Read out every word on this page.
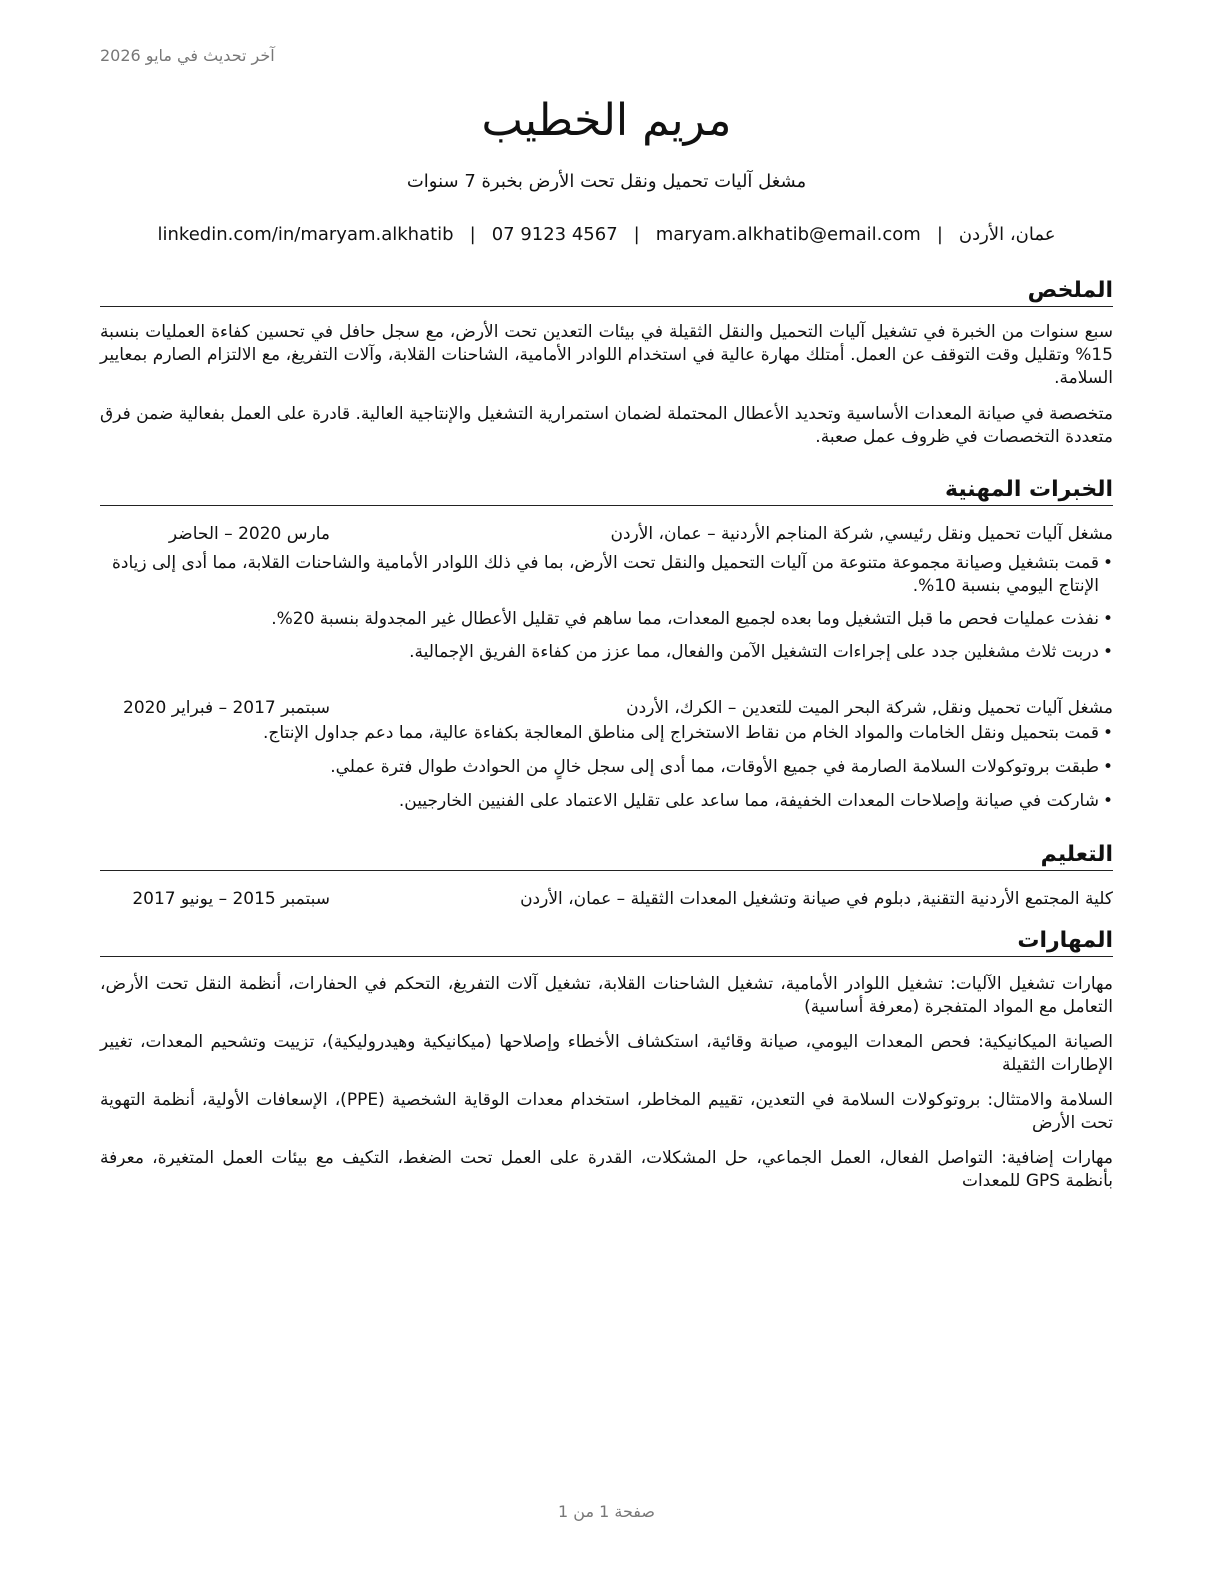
آخر تحديث في مايو 2026
مريم الخطيب
مشغل آليات تحميل ونقل تحت الأرض بخبرة 7 سنوات
عمان، الأردن|maryam.alkhatib@email.com|07 9123 4567|linkedin.com/in/maryam.alkhatib
الملخص

سبع سنوات من الخبرة في تشغيل آليات التحميل والنقل الثقيلة في بيئات التعدين تحت الأرض، مع سجل حافل في تحسين كفاءة العمليات بنسبة 15% وتقليل وقت التوقف عن العمل. أمتلك مهارة عالية في استخدام اللوادر الأمامية، الشاحنات القلابة، وآلات التفريغ، مع الالتزام الصارم بمعايير السلامة.

متخصصة في صيانة المعدات الأساسية وتحديد الأعطال المحتملة لضمان استمرارية التشغيل والإنتاجية العالية. قادرة على العمل بفعالية ضمن فرق متعددة التخصصات في ظروف عمل صعبة.

الخبرات المهنية
مشغل آليات تحميل ونقل رئيسي, شركة المناجم الأردنية – عمان، الأردن
مارس 2020 – الحاضر
• قمت بتشغيل وصيانة مجموعة متنوعة من آليات التحميل والنقل تحت الأرض، بما في ذلك اللوادر الأمامية والشاحنات القلابة، مما أدى إلى زيادة الإنتاج اليومي بنسبة 10%.
• نفذت عمليات فحص ما قبل التشغيل وما بعده لجميع المعدات، مما ساهم في تقليل الأعطال غير المجدولة بنسبة 20%.
• دربت ثلاث مشغلين جدد على إجراءات التشغيل الآمن والفعال، مما عزز من كفاءة الفريق الإجمالية.
مشغل آليات تحميل ونقل, شركة البحر الميت للتعدين – الكرك، الأردن
سبتمبر 2017 – فبراير 2020
• قمت بتحميل ونقل الخامات والمواد الخام من نقاط الاستخراج إلى مناطق المعالجة بكفاءة عالية، مما دعم جداول الإنتاج.
• طبقت بروتوكولات السلامة الصارمة في جميع الأوقات، مما أدى إلى سجل خالٍ من الحوادث طوال فترة عملي.
• شاركت في صيانة وإصلاحات المعدات الخفيفة، مما ساعد على تقليل الاعتماد على الفنيين الخارجيين.
التعليم
كلية المجتمع الأردنية التقنية, دبلوم في صيانة وتشغيل المعدات الثقيلة – عمان، الأردن
سبتمبر 2015 – يونيو 2017
المهارات

مهارات تشغيل الآليات: تشغيل اللوادر الأمامية، تشغيل الشاحنات القلابة، تشغيل آلات التفريغ، التحكم في الحفارات، أنظمة النقل تحت الأرض، التعامل مع المواد المتفجرة (معرفة أساسية)

الصيانة الميكانيكية: فحص المعدات اليومي، صيانة وقائية، استكشاف الأخطاء وإصلاحها (ميكانيكية وهيدروليكية)، تزييت وتشحيم المعدات، تغيير الإطارات الثقيلة

السلامة والامتثال: بروتوكولات السلامة في التعدين، تقييم المخاطر، استخدام معدات الوقاية الشخصية (PPE)، الإسعافات الأولية، أنظمة التهوية تحت الأرض

مهارات إضافية: التواصل الفعال، العمل الجماعي، حل المشكلات، القدرة على العمل تحت الضغط، التكيف مع بيئات العمل المتغيرة، معرفة بأنظمة GPS للمعدات

صفحة 1 من 1
